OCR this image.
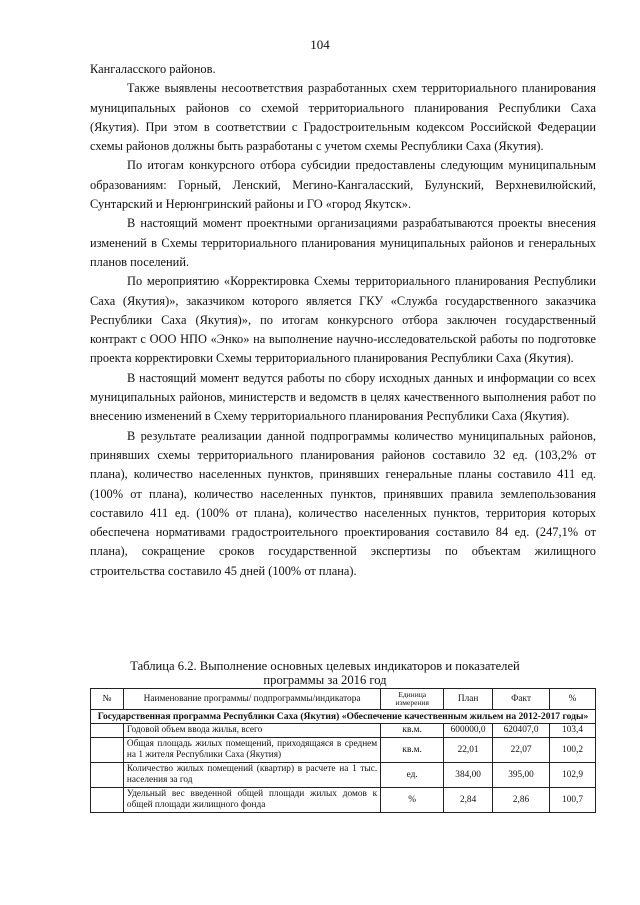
104

Кангаласского районов.

Также выявлены несоответствия разработанных схем территориального планирования муниципальных районов со схемой территориального планирования Республики Саха (Якутия). При этом в соответствии с Градостроительным кодексом Российской Федерации схемы районов должны быть разработаны с учетом схемы Республики Саха (Якутия).

По итогам конкурсного отбора субсидии предоставлены следующим муниципальным образованиям: Горный, Ленский, Мегино-Кангаласский, Булунский, Верхневилюйский, Сунтарский и Нерюнгринский районы и ГО «город Якутск».

В настоящий момент проектными организациями разрабатываются проекты внесения изменений в Схемы территориального планирования муниципальных районов и генеральных планов поселений.

По мероприятию «Корректировка Схемы территориального планирования Республики Саха (Якутия)», заказчиком которого является ГКУ «Служба государственного заказчика Республики Саха (Якутия)», по итогам конкурсного отбора заключен государственный контракт с ООО НПО «Энко» на выполнение научно-исследовательской работы по подготовке проекта корректировки Схемы территориального планирования Республики Саха (Якутия).

В настоящий момент ведутся работы по сбору исходных данных и информации со всех муниципальных районов, министерств и ведомств в целях качественного выполнения работ по внесению изменений в Схему территориального планирования Республики Саха (Якутия).

В результате реализации данной подпрограммы количество муниципальных районов, принявших схемы территориального планирования районов составило 32 ед. (103,2% от плана), количество населенных пунктов, принявших генеральные планы составило 411 ед. (100% от плана), количество населенных пунктов, принявших правила землепользования составило 411 ед. (100% от плана), количество населенных пунктов, территория которых обеспечена нормативами градостроительного проектирования составило 84 ед. (247,1% от плана), сокращение сроков государственной экспертизы по объектам жилищного строительства составило 45 дней (100% от плана).

Таблица 6.2. Выполнение основных целевых индикаторов и показателей программы за 2016 год
№	Наименование программы/ подпрограммы/индикатора	Единица измерения	План	Факт	%
Государственная программа Республики Саха (Якутия) «Обеспечение качественным жильем на 2012-2017 годы»					
	Годовой объем ввода жилья, всего	кв.м.	600000,0	620407,0	103,4
	Общая площадь жилых помещений, приходящаяся в среднем на 1 жителя Республики Саха (Якутия)	кв.м.	22,01	22,07	100,2
	Количество жилых помещений (квартир) в расчете на 1 тыс. населения за год	ед.	384,00	395,00	102,9
	Удельный вес введенной общей площади жилых домов к общей площади жилищного фонда	%	2,84	2,86	100,7
